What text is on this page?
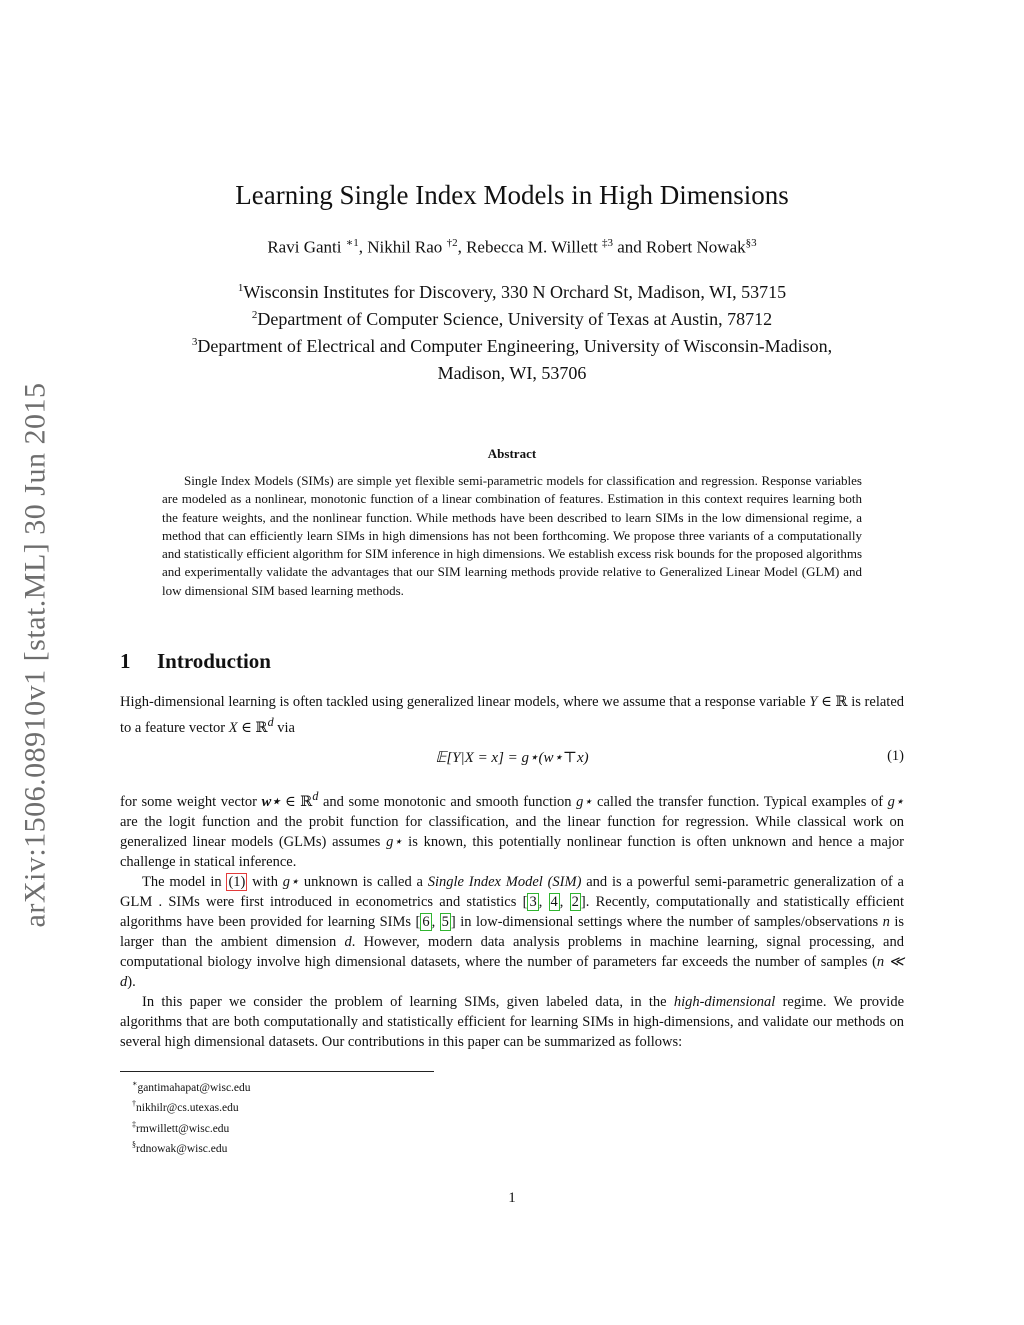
arXiv:1506.08910v1 [stat.ML] 30 Jun 2015
Learning Single Index Models in High Dimensions
Ravi Ganti $^{∗1}$, Nikhil Rao $^{\dagger 2}$, Rebecca M. Willett $^{\ddagger 3}$ and Robert Nowak$^{\S 3}$
$^1$Wisconsin Institutes for Discovery, 330 N Orchard St, Madison, WI, 53715
$^2$Department of Computer Science, University of Texas at Austin, 78712
$^3$Department of Electrical and Computer Engineering, University of Wisconsin-Madison,
Madison, WI, 53706
Abstract

Single Index Models (SIMs) are simple yet flexible semi-parametric models for classification and regression. Response variables are modeled as a nonlinear, monotonic function of a linear combination of features. Estimation in this context requires learning both the feature weights, and the nonlinear function. While methods have been described to learn SIMs in the low dimensional regime, a method that can efficiently learn SIMs in high dimensions has not been forthcoming. We propose three variants of a computationally and statistically efficient algorithm for SIM inference in high dimensions. We establish excess risk bounds for the proposed algorithms and experimentally validate the advantages that our SIM learning methods provide relative to Generalized Linear Model (GLM) and low dimensional SIM based learning methods.

1 Introduction

High-dimensional learning is often tackled using generalized linear models, where we assume that a response variable Y ∈ ℝ is related to a feature vector X ∈ ℝ$^d$ via

𝔼[Y|X = x] = g⋆(w⋆⊤x)	(1)

for some weight vector w⋆ ∈ ℝ$^d$ and some monotonic and smooth function g⋆ called the transfer function. Typical examples of g⋆ are the logit function and the probit function for classification, and the linear function for regression. While classical work on generalized linear models (GLMs) assumes g⋆ is known, this potentially nonlinear function is often unknown and hence a major challenge in statical inference.

The model in (1) with g⋆ unknown is called a Single Index Model (SIM) and is a powerful semi-parametric generalization of a GLM . SIMs were first introduced in econometrics and statistics [ 3 , 4 , 2 ]. Recently, computationally and statistically efficient algorithms have been provided for learning SIMs [ 6 , 5 ] in low-dimensional settings where the number of samples/observations n is larger than the ambient dimension d. However, modern data analysis problems in machine learning, signal processing, and computational biology involve high dimensional datasets, where the number of parameters far exceeds the number of samples (n ≪ d).

In this paper we consider the problem of learning SIMs, given labeled data, in the high-dimensional regime. We provide algorithms that are both computationally and statistically efficient for learning SIMs in high-dimensions, and validate our methods on several high dimensional datasets. Our contributions in this paper can be summarized as follows:

∗gantimahapat@wisc.edu
†nikhilr@cs.utexas.edu
‡rmwillett@wisc.edu
§rdnowak@wisc.edu
1
